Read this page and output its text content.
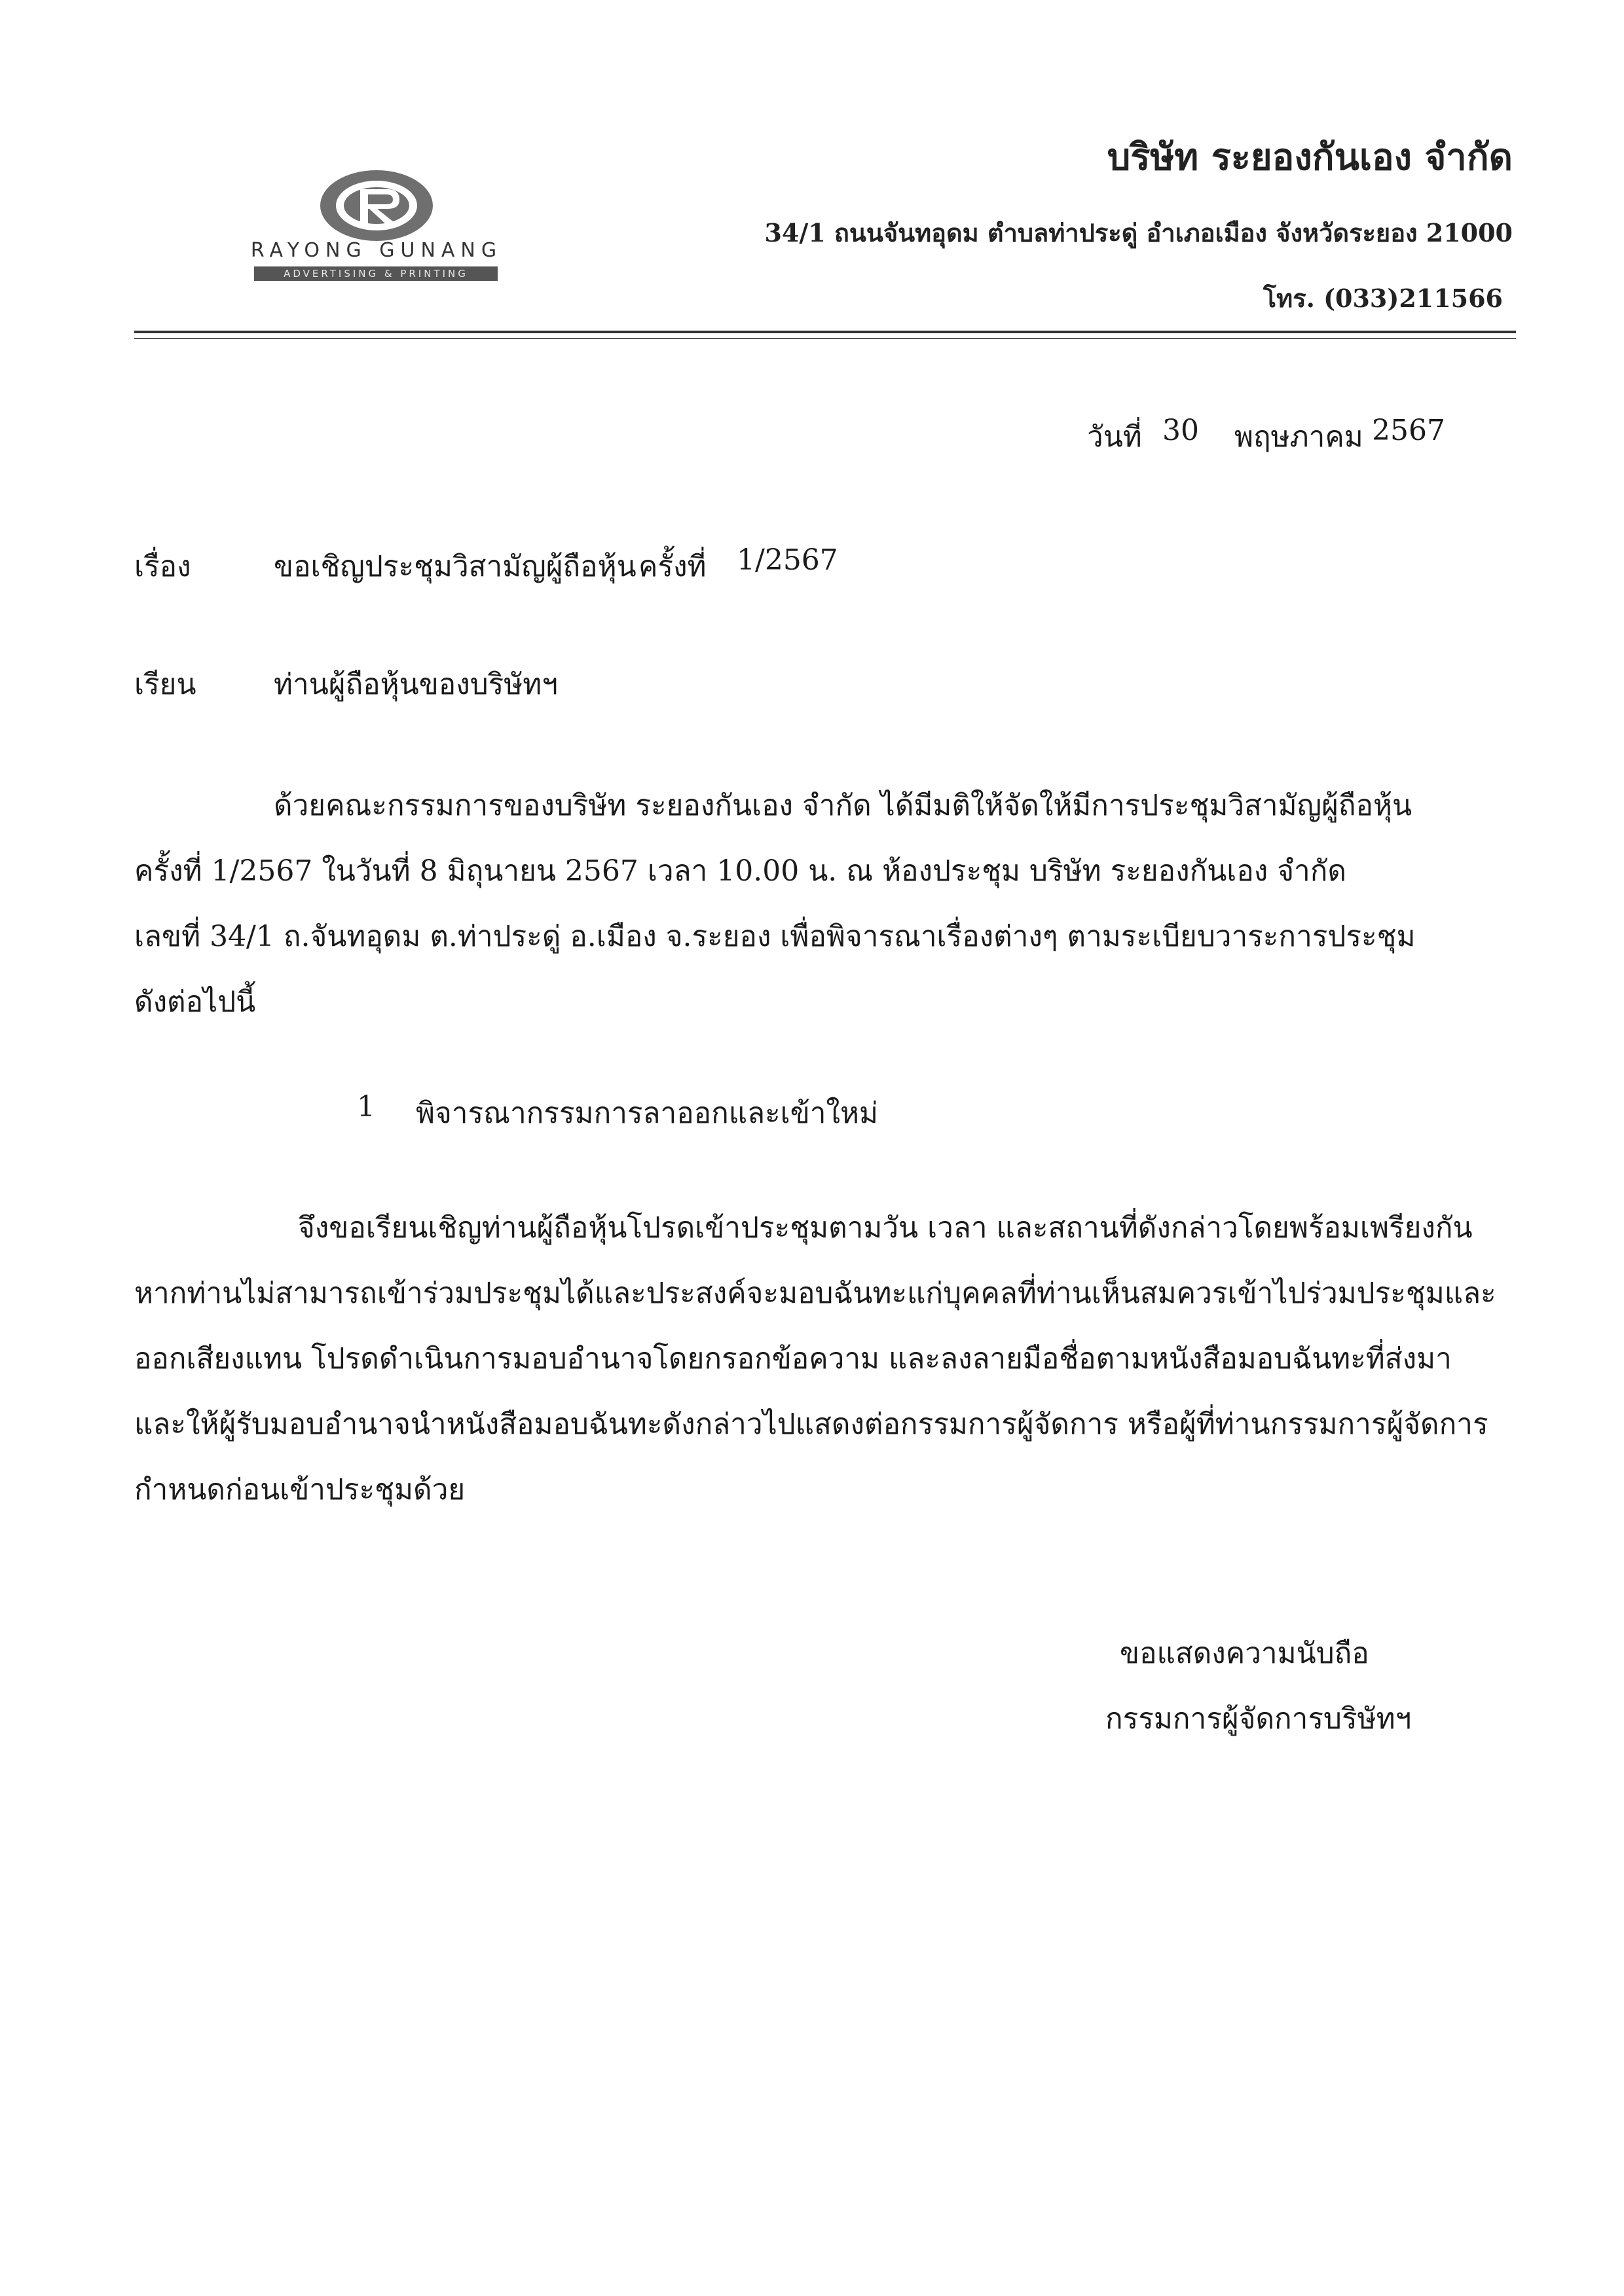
RAYONG GUNANG
ADVERTISING & PRINTING
บริษัท ระยองกันเอง จำกัด
34/1 ถนนจันทอุดม ตำบลท่าประดู่ อำเภอเมือง จังหวัดระยอง 21000
โทร. (033)211566
วันที่ 30 พฤษภาคม 2567
เรื่อง	ขอเชิญประชุมวิสามัญผู้ถือหุ้น ครั้งที่ 1/2567
เรียน	ท่านผู้ถือหุ้นของบริษัทฯ
ด้วยคณะกรรมการของบริษัท ระยองกันเอง จำกัด ได้มีมติให้จัดให้มีการประชุมวิสามัญผู้ถือหุ้น
ครั้งที่ 1/2567 ในวันที่ 8 มิถุนายน 2567 เวลา 10.00 น. ณ ห้องประชุม บริษัท ระยองกันเอง จำกัด
เลขที่ 34/1 ถ.จันทอุดม ต.ท่าประดู่ อ.เมือง จ.ระยอง เพื่อพิจารณาเรื่องต่างๆ ตามระเบียบวาระการประชุม
ดังต่อไปนี้
1 พิจารณากรรมการลาออกและเข้าใหม่
จึงขอเรียนเชิญท่านผู้ถือหุ้นโปรดเข้าประชุมตามวัน เวลา และสถานที่ดังกล่าวโดยพร้อมเพรียงกัน
หากท่านไม่สามารถเข้าร่วมประชุมได้และประสงค์จะมอบฉันทะแก่บุคคลที่ท่านเห็นสมควรเข้าไปร่วมประชุมและ
ออกเสียงแทน โปรดดำเนินการมอบอำนาจโดยกรอกข้อความ และลงลายมือชื่อตามหนังสือมอบฉันทะที่ส่งมา
และให้ผู้รับมอบอำนาจนำหนังสือมอบฉันทะดังกล่าวไปแสดงต่อกรรมการผู้จัดการ หรือผู้ที่ท่านกรรมการผู้จัดการ
กำหนดก่อนเข้าประชุมด้วย
ขอแสดงความนับถือ
กรรมการผู้จัดการบริษัทฯ
